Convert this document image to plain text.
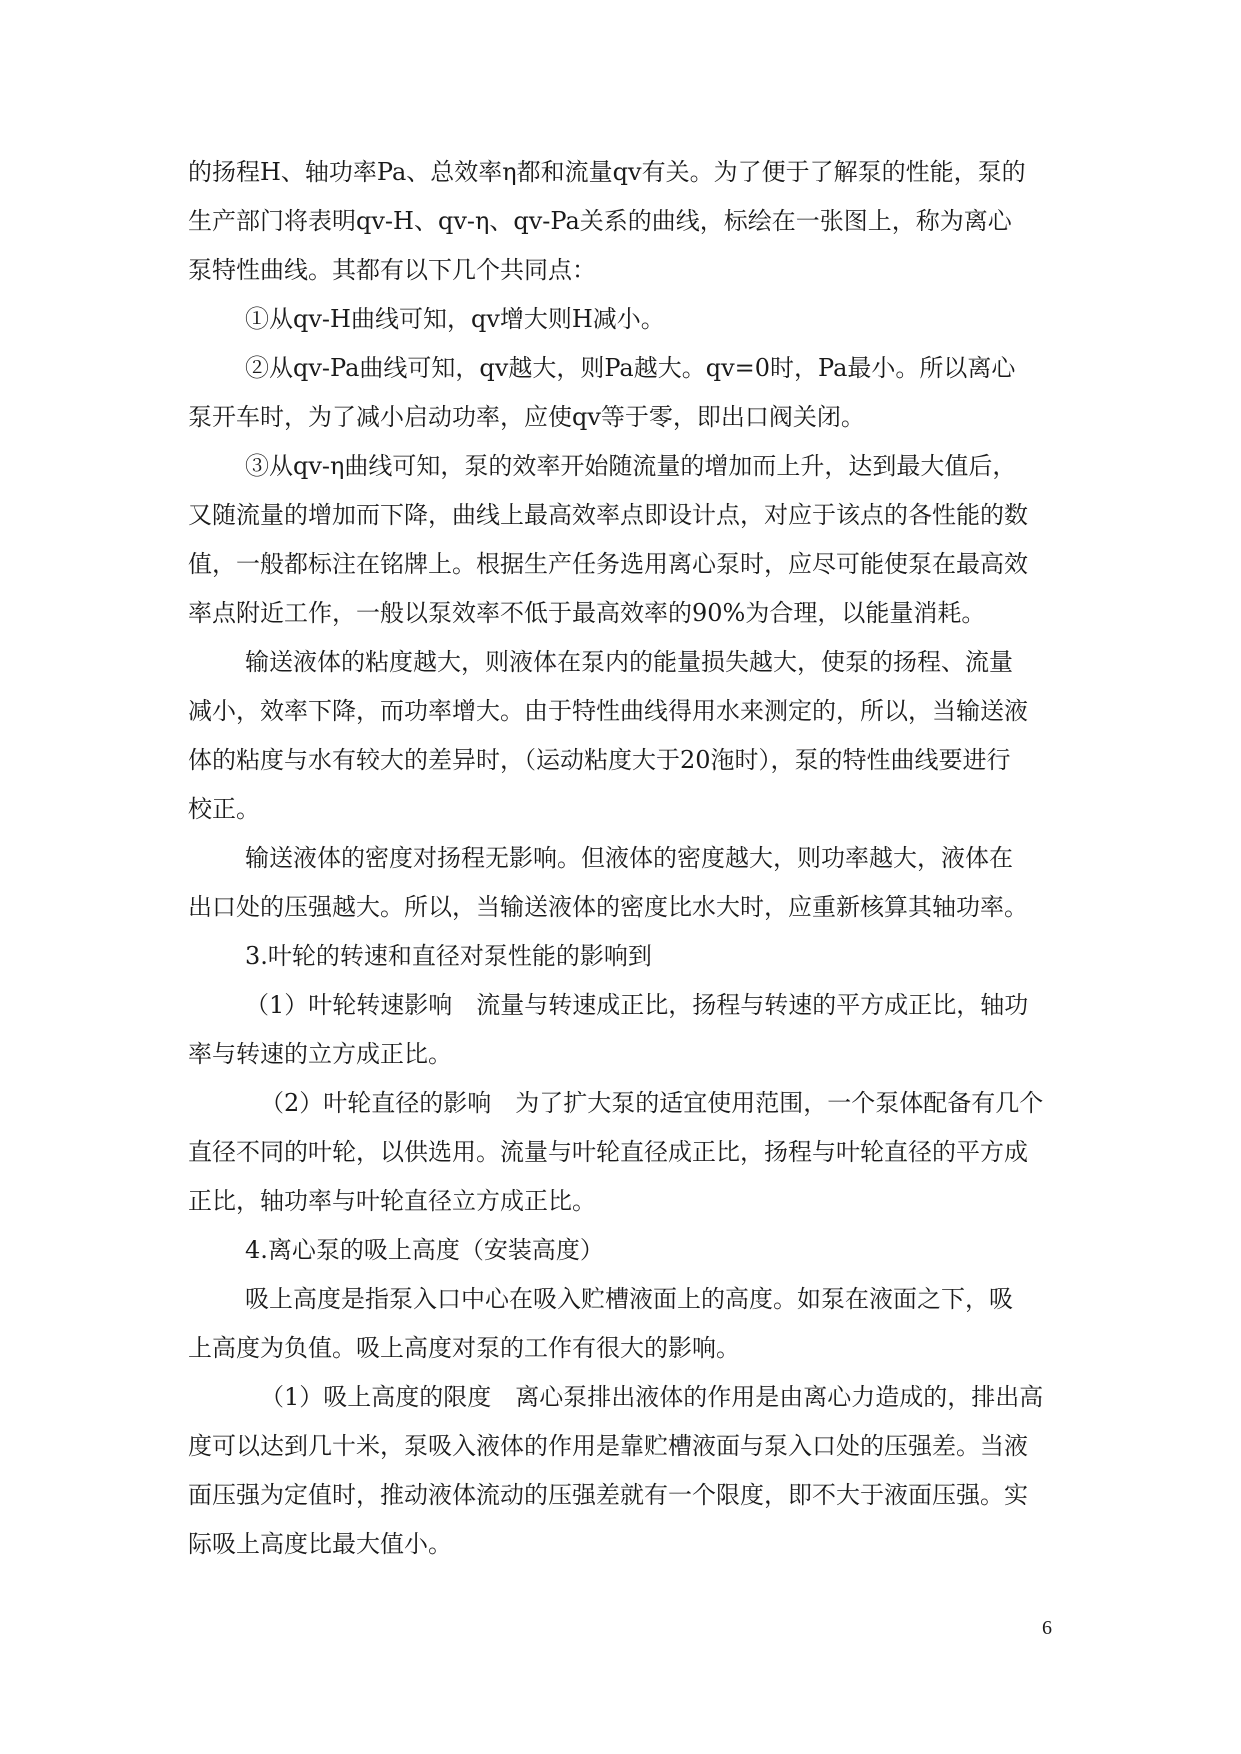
的扬程H、轴功率Pa、总效率η都和流量qv有关。为了便于了解泵的性能，泵的

生产部门将表明qv-H、qv-η、qv-Pa关系的曲线，标绘在一张图上，称为离心

泵特性曲线。其都有以下几个共同点：

①从qv-H曲线可知，qv增大则H减小。

②从qv-Pa曲线可知，qv越大，则Pa越大。qv=0时，Pa最小。所以离心

泵开车时，为了减小启动功率，应使qv等于零，即出口阀关闭。

③从qv-η曲线可知，泵的效率开始随流量的增加而上升，达到最大值后，

又随流量的增加而下降，曲线上最高效率点即设计点，对应于该点的各性能的数

值，一般都标注在铭牌上。根据生产任务选用离心泵时，应尽可能使泵在最高效

率点附近工作，一般以泵效率不低于最高效率的90%为合理，以能量消耗。

输送液体的粘度越大，则液体在泵内的能量损失越大，使泵的扬程、流量

减小，效率下降，而功率增大。由于特性曲线得用水来测定的，所以，当输送液

体的粘度与水有较大的差异时，（运动粘度大于20沲时），泵的特性曲线要进行

校正。

输送液体的密度对扬程无影响。但液体的密度越大，则功率越大，液体在

出口处的压强越大。所以，当输送液体的密度比水大时，应重新核算其轴功率。

3.叶轮的转速和直径对泵性能的影响到

（1）叶轮转速影响　流量与转速成正比，扬程与转速的平方成正比，轴功

率与转速的立方成正比。

（2）叶轮直径的影响　为了扩大泵的适宜使用范围，一个泵体配备有几个

直径不同的叶轮，以供选用。流量与叶轮直径成正比，扬程与叶轮直径的平方成

正比，轴功率与叶轮直径立方成正比。

4.离心泵的吸上高度（安装高度）

吸上高度是指泵入口中心在吸入贮槽液面上的高度。如泵在液面之下，吸

上高度为负值。吸上高度对泵的工作有很大的影响。

（1）吸上高度的限度　离心泵排出液体的作用是由离心力造成的，排出高

度可以达到几十米，泵吸入液体的作用是靠贮槽液面与泵入口处的压强差。当液

面压强为定值时，推动液体流动的压强差就有一个限度，即不大于液面压强。实

际吸上高度比最大值小。

6
